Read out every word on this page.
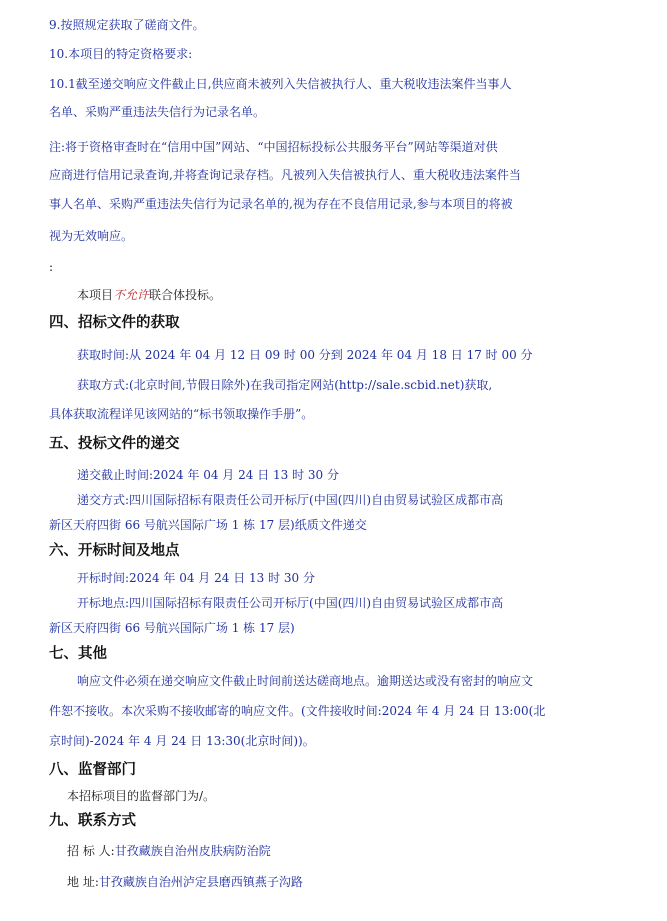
9.按照规定获取了磋商文件。
10.本项目的特定资格要求:
10.1截至递交响应文件截止日,供应商未被列入失信被执行人、重大税收违法案件当事人
名单、采购严重违法失信行为记录名单。
注:将于资格审查时在“信用中国”网站、“中国招标投标公共服务平台”网站等渠道对供
应商进行信用记录查询,并将查询记录存档。凡被列入失信被执行人、重大税收违法案件当
事人名单、采购严重违法失信行为记录名单的,视为存在不良信用记录,参与本项目的将被
视为无效响应。
:
本项目不允许联合体投标。
四、招标文件的获取
获取时间:从 2024 年 04 月 12 日 09 时 00 分到 2024 年 04 月 18 日 17 时 00 分
获取方式:(北京时间,节假日除外)在我司指定网站(http://sale.scbid.net)获取,
具体获取流程详见该网站的“标书领取操作手册”。
五、投标文件的递交
递交截止时间:2024 年 04 月 24 日 13 时 30 分
递交方式:四川国际招标有限责任公司开标厅(中国(四川)自由贸易试验区成都市高
新区天府四街 66 号航兴国际广场 1 栋 17 层)纸质文件递交
六、开标时间及地点
开标时间:2024 年 04 月 24 日 13 时 30 分
开标地点:四川国际招标有限责任公司开标厅(中国(四川)自由贸易试验区成都市高
新区天府四街 66 号航兴国际广场 1 栋 17 层)
七、其他
响应文件必须在递交响应文件截止时间前送达磋商地点。逾期送达或没有密封的响应文
件恕不接收。本次采购不接收邮寄的响应文件。(文件接收时间:2024 年 4 月 24 日 13:00(北
京时间)-2024 年 4 月 24 日 13:30(北京时间))。
八、监督部门
本招标项目的监督部门为/。
九、联系方式
招 标 人:甘孜藏族自治州皮肤病防治院
地 址:甘孜藏族自治州泸定县磨西镇燕子沟路
